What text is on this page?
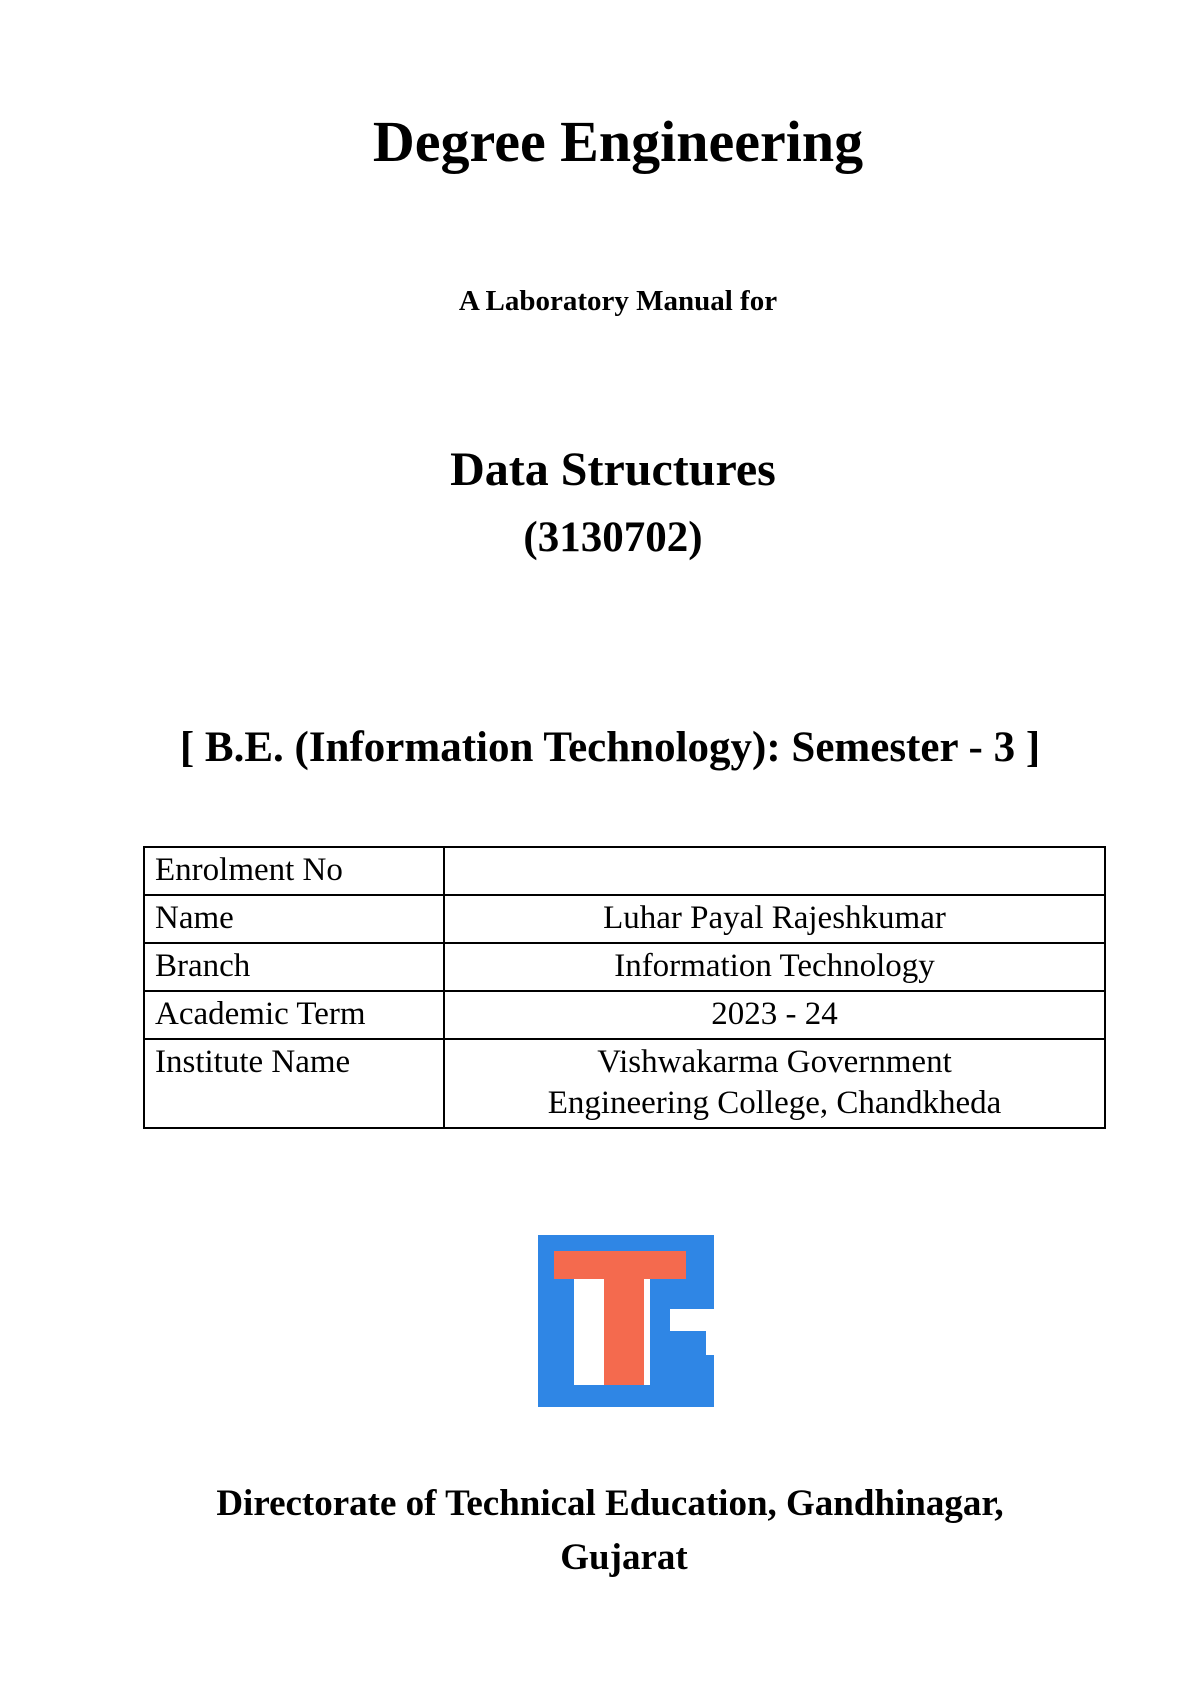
Degree Engineering
A Laboratory Manual for
Data Structures
(3130702)
[ B.E. (Information Technology): Semester - 3 ]
Enrolment No	
Name	Luhar Payal Rajeshkumar
Branch	Information Technology
Academic Term	2023 - 24
Institute Name	Vishwakarma Government
Engineering College, Chandkheda
Directorate of Technical Education, Gandhinagar,
Gujarat
